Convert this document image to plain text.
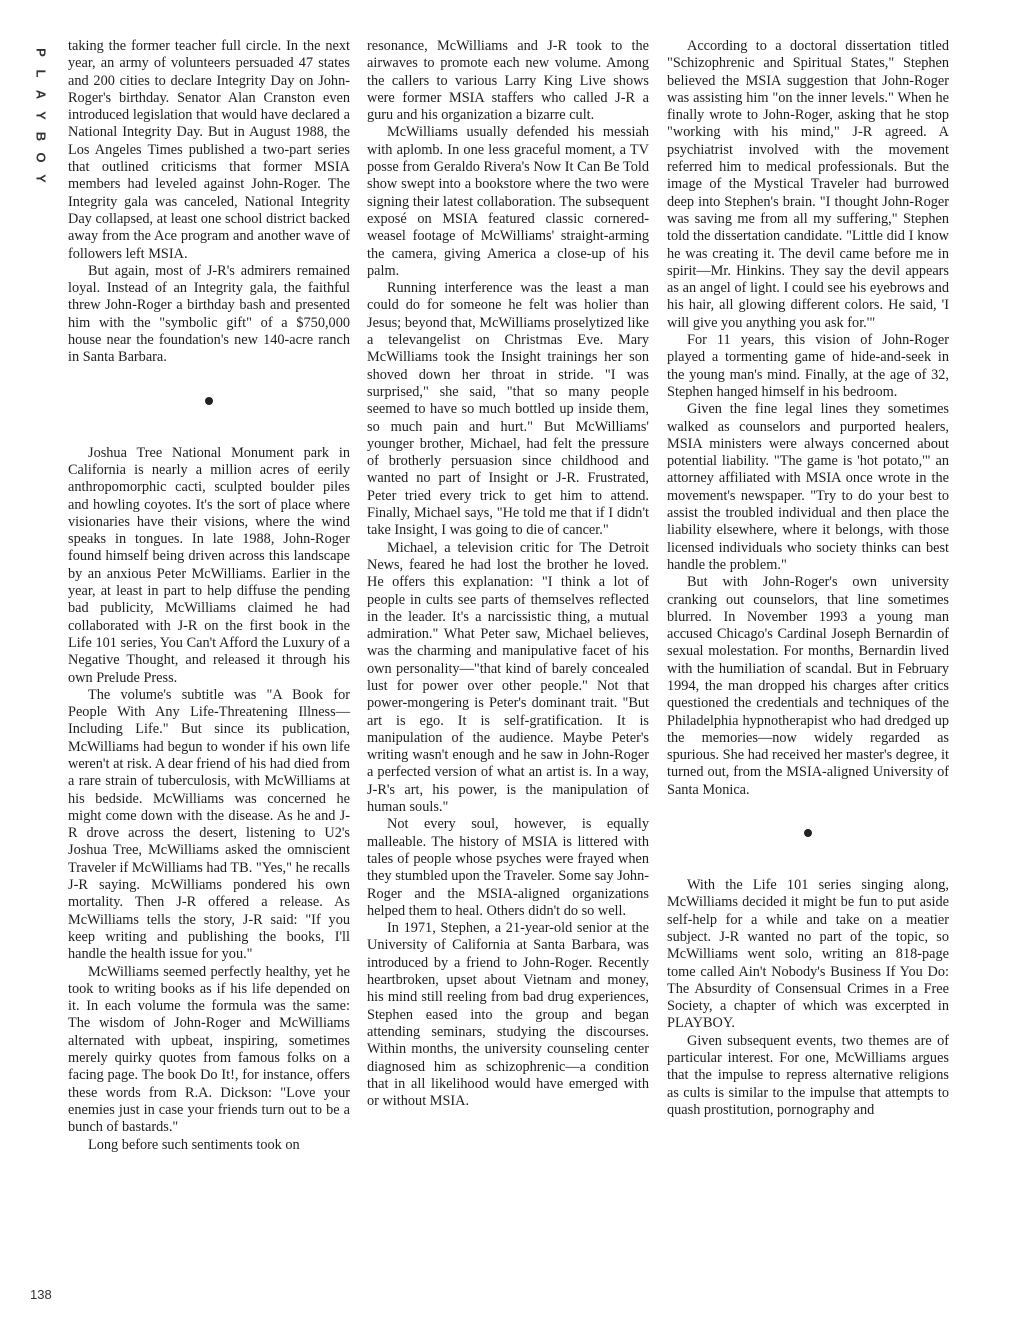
P
L
A
Y
B
O
Y
138

taking the former teacher full circle. In the next year, an army of volunteers persuaded 47 states and 200 cities to declare Integrity Day on John-Roger's birthday. Senator Alan Cranston even introduced legislation that would have declared a National Integrity Day. But in August 1988, the Los Angeles Times published a two-part series that outlined criticisms that former MSIA members had leveled against John-Roger. The Integrity gala was canceled, National Integrity Day collapsed, at least one school district backed away from the Ace program and another wave of followers left MSIA.

But again, most of J-R's admirers remained loyal. Instead of an Integrity gala, the faithful threw John-Roger a birthday bash and presented him with the "symbolic gift" of a $750,000 house near the foundation's new 140-acre ranch in Santa Barbara.

Joshua Tree National Monument park in California is nearly a million acres of eerily anthropomorphic cacti, sculpted boulder piles and howling coyotes. It's the sort of place where visionaries have their visions, where the wind speaks in tongues. In late 1988, John-Roger found himself being driven across this landscape by an anxious Peter McWilliams. Earlier in the year, at least in part to help diffuse the pending bad publicity, McWilliams claimed he had collaborated with J-R on the first book in the Life 101 series, You Can't Afford the Luxury of a Negative Thought, and released it through his own Prelude Press.

The volume's subtitle was "A Book for People With Any Life-Threatening Illness—Including Life." But since its publication, McWilliams had begun to wonder if his own life weren't at risk. A dear friend of his had died from a rare strain of tuberculosis, with McWilliams at his bedside. McWilliams was concerned he might come down with the disease. As he and J-R drove across the desert, listening to U2's Joshua Tree, McWilliams asked the omniscient Traveler if McWilliams had TB. "Yes," he recalls J-R saying. McWilliams pondered his own mortality. Then J-R offered a release. As McWilliams tells the story, J-R said: "If you keep writing and publishing the books, I'll handle the health issue for you."

McWilliams seemed perfectly healthy, yet he took to writing books as if his life depended on it. In each volume the formula was the same: The wisdom of John-Roger and McWilliams alternated with upbeat, inspiring, sometimes merely quirky quotes from famous folks on a facing page. The book Do It!, for instance, offers these words from R.A. Dickson: "Love your enemies just in case your friends turn out to be a bunch of bastards."

Long before such sentiments took on

resonance, McWilliams and J-R took to the airwaves to promote each new volume. Among the callers to various Larry King Live shows were former MSIA staffers who called J-R a guru and his organization a bizarre cult.

McWilliams usually defended his messiah with aplomb. In one less graceful moment, a TV posse from Geraldo Rivera's Now It Can Be Told show swept into a bookstore where the two were signing their latest collaboration. The subsequent exposé on MSIA featured classic cornered-weasel footage of McWilliams' straight-arming the camera, giving America a close-up of his palm.

Running interference was the least a man could do for someone he felt was holier than Jesus; beyond that, McWilliams proselytized like a televangelist on Christmas Eve. Mary McWilliams took the Insight trainings her son shoved down her throat in stride. "I was surprised," she said, "that so many people seemed to have so much bottled up inside them, so much pain and hurt." But McWilliams' younger brother, Michael, had felt the pressure of brotherly persuasion since childhood and wanted no part of Insight or J-R. Frustrated, Peter tried every trick to get him to attend. Finally, Michael says, "He told me that if I didn't take Insight, I was going to die of cancer."

Michael, a television critic for The Detroit News, feared he had lost the brother he loved. He offers this explanation: "I think a lot of people in cults see parts of themselves reflected in the leader. It's a narcissistic thing, a mutual admiration." What Peter saw, Michael believes, was the charming and manipulative facet of his own personality—"that kind of barely concealed lust for power over other people." Not that power-mongering is Peter's dominant trait. "But art is ego. It is self-gratification. It is manipulation of the audience. Maybe Peter's writing wasn't enough and he saw in John-Roger a perfected version of what an artist is. In a way, J-R's art, his power, is the manipulation of human souls."

Not every soul, however, is equally malleable. The history of MSIA is littered with tales of people whose psyches were frayed when they stumbled upon the Traveler. Some say John-Roger and the MSIA-aligned organizations helped them to heal. Others didn't do so well.

In 1971, Stephen, a 21-year-old senior at the University of California at Santa Barbara, was introduced by a friend to John-Roger. Recently heartbroken, upset about Vietnam and money, his mind still reeling from bad drug experiences, Stephen eased into the group and began attending seminars, studying the discourses. Within months, the university counseling center diagnosed him as schizophrenic—a condition that in all likelihood would have emerged with or without MSIA.

According to a doctoral dissertation titled "Schizophrenic and Spiritual States," Stephen believed the MSIA suggestion that John-Roger was assisting him "on the inner levels." When he finally wrote to John-Roger, asking that he stop "working with his mind," J-R agreed. A psychiatrist involved with the movement referred him to medical professionals. But the image of the Mystical Traveler had burrowed deep into Stephen's brain. "I thought John-Roger was saving me from all my suffering," Stephen told the dissertation candidate. "Little did I know he was creating it. The devil came before me in spirit—Mr. Hinkins. They say the devil appears as an angel of light. I could see his eyebrows and his hair, all glowing different colors. He said, 'I will give you anything you ask for.'"

For 11 years, this vision of John-Roger played a tormenting game of hide-and-seek in the young man's mind. Finally, at the age of 32, Stephen hanged himself in his bedroom.

Given the fine legal lines they sometimes walked as counselors and purported healers, MSIA ministers were always concerned about potential liability. "The game is 'hot potato,'" an attorney affiliated with MSIA once wrote in the movement's newspaper. "Try to do your best to assist the troubled individual and then place the liability elsewhere, where it belongs, with those licensed individuals who society thinks can best handle the problem."

But with John-Roger's own university cranking out counselors, that line sometimes blurred. In November 1993 a young man accused Chicago's Cardinal Joseph Bernardin of sexual molestation. For months, Bernardin lived with the humiliation of scandal. But in February 1994, the man dropped his charges after critics questioned the credentials and techniques of the Philadelphia hypnotherapist who had dredged up the memories—now widely regarded as spurious. She had received her master's degree, it turned out, from the MSIA-aligned University of Santa Monica.

With the Life 101 series singing along, McWilliams decided it might be fun to put aside self-help for a while and take on a meatier subject. J-R wanted no part of the topic, so McWilliams went solo, writing an 818-page tome called Ain't Nobody's Business If You Do: The Absurdity of Consensual Crimes in a Free Society, a chapter of which was excerpted in PLAYBOY.

Given subsequent events, two themes are of particular interest. For one, McWilliams argues that the impulse to repress alternative religions as cults is similar to the impulse that attempts to quash prostitution, pornography and
